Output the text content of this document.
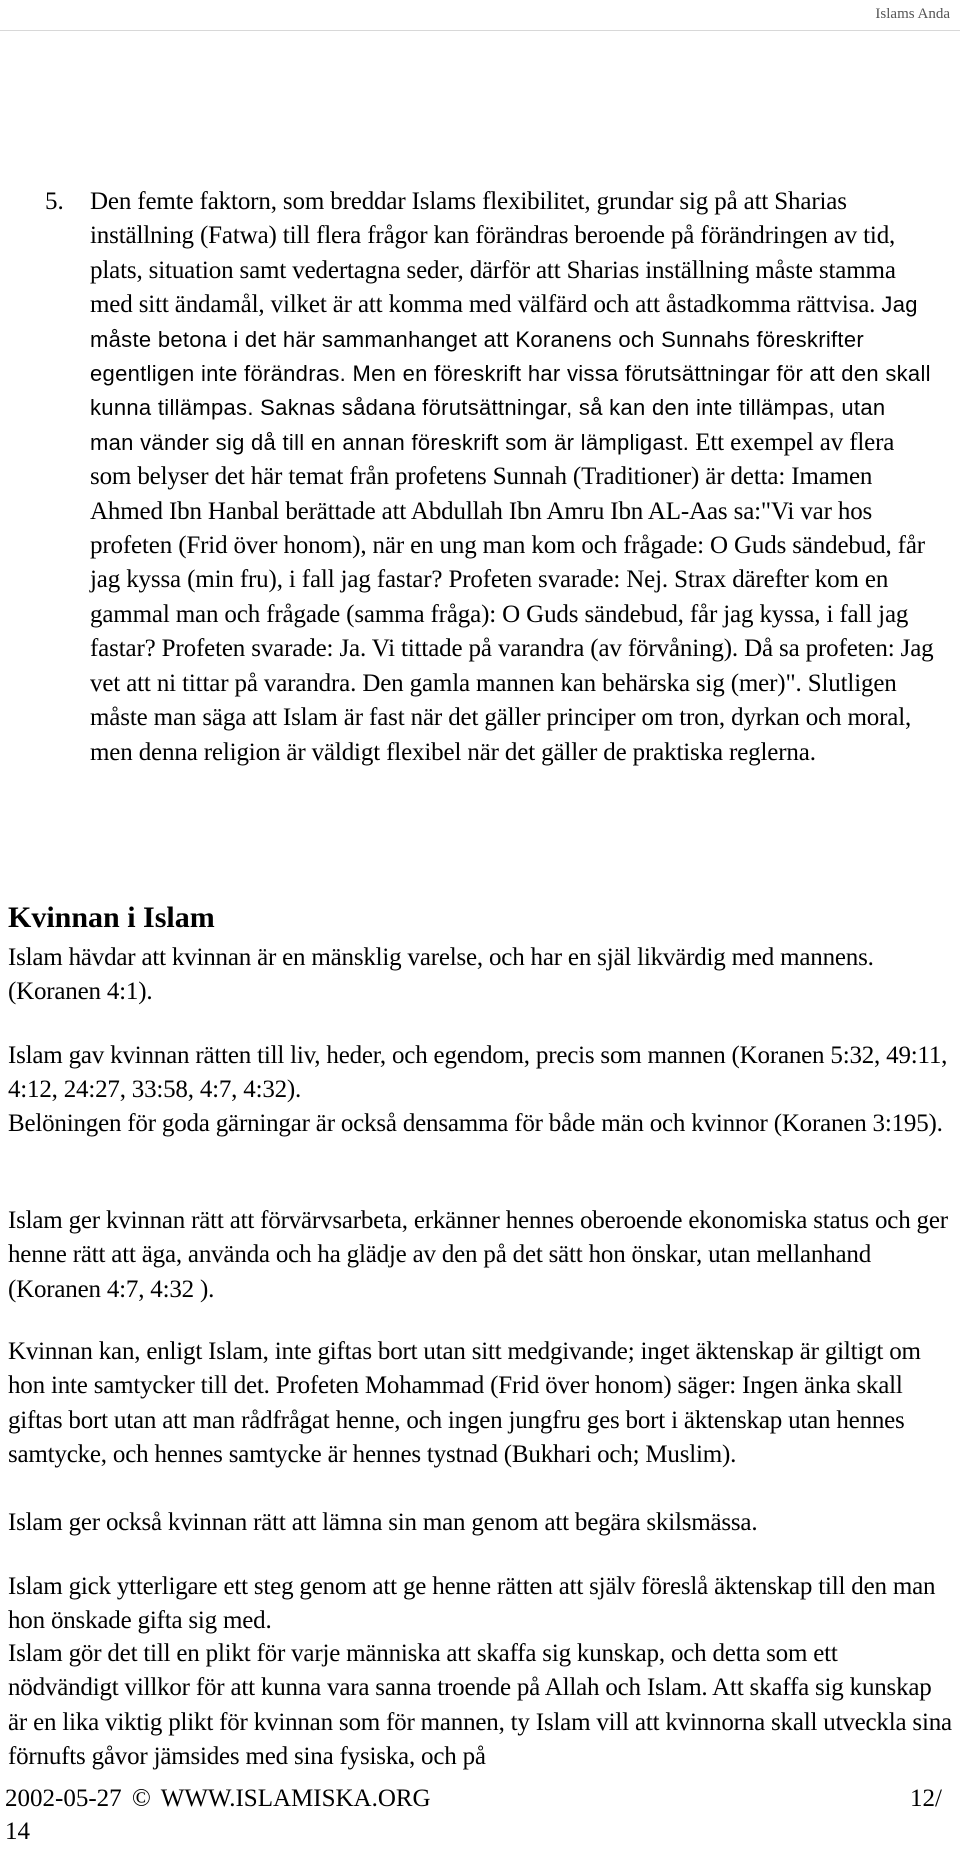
Islams Anda
5. Den femte faktorn, som breddar Islams flexibilitet, grundar sig på att Sharias inställning (Fatwa) till flera frågor kan förändras beroende på förändringen av tid, plats, situation samt vedertagna seder, därför att Sharias inställning måste stamma med sitt ändamål, vilket är att komma med välfärd och att åstadkomma rättvisa. Jag måste betona i det här sammanhanget att Koranens och Sunnahs föreskrifter egentligen inte förändras. Men en föreskrift har vissa förutsättningar för att den skall kunna tillämpas. Saknas sådana förutsättningar, så kan den inte tillämpas, utan man vänder sig då till en annan föreskrift som är lämpligast. Ett exempel av flera som belyser det här temat från profetens Sunnah (Traditioner) är detta: Imamen Ahmed Ibn Hanbal berättade att Abdullah Ibn Amru Ibn AL-Aas sa:"Vi var hos profeten (Frid över honom), när en ung man kom och frågade: O Guds sändebud, får jag kyssa (min fru), i fall jag fastar? Profeten svarade: Nej. Strax därefter kom en gammal man och frågade (samma fråga): O Guds sändebud, får jag kyssa, i fall jag fastar? Profeten svarade: Ja. Vi tittade på varandra (av förvåning). Då sa profeten: Jag vet att ni tittar på varandra. Den gamla mannen kan behärska sig (mer)". Slutligen måste man säga att Islam är fast när det gäller principer om tron, dyrkan och moral, men denna religion är väldigt flexibel när det gäller de praktiska reglerna.
Kvinnan i Islam

Islam hävdar att kvinnan är en mänsklig varelse, och har en själ likvärdig med mannens. (Koranen 4:1).

Islam gav kvinnan rätten till liv, heder, och egendom, precis som mannen (Koranen 5:32, 49:11, 4:12, 24:27, 33:58, 4:7, 4:32).

Belöningen för goda gärningar är också densamma för både män och kvinnor (Koranen 3:195).

Islam ger kvinnan rätt att förvärvsarbeta, erkänner hennes oberoende ekonomiska status och ger henne rätt att äga, använda och ha glädje av den på det sätt hon önskar, utan mellanhand (Koranen 4:7, 4:32 ).

Kvinnan kan, enligt Islam, inte giftas bort utan sitt medgivande; inget äktenskap är giltigt om hon inte samtycker till det. Profeten Mohammad (Frid över honom) säger: Ingen änka skall giftas bort utan att man rådfrågat henne, och ingen jungfru ges bort i äktenskap utan hennes samtycke, och hennes samtycke är hennes tystnad (Bukhari och; Muslim).

Islam ger också kvinnan rätt att lämna sin man genom att begära skilsmässa.

Islam gick ytterligare ett steg genom att ge henne rätten att själv föreslå äktenskap till den man hon önskade gifta sig med.

Islam gör det till en plikt för varje människa att skaffa sig kunskap, och detta som ett nödvändigt villkor för att kunna vara sanna troende på Allah och Islam. Att skaffa sig kunskap är en lika viktig plikt för kvinnan som för mannen, ty Islam vill att kvinnorna skall utveckla sina förnufts gåvor jämsides med sina fysiska, och på

2002-05-27 © WWW.ISLAMISKA.ORG	12/
14
